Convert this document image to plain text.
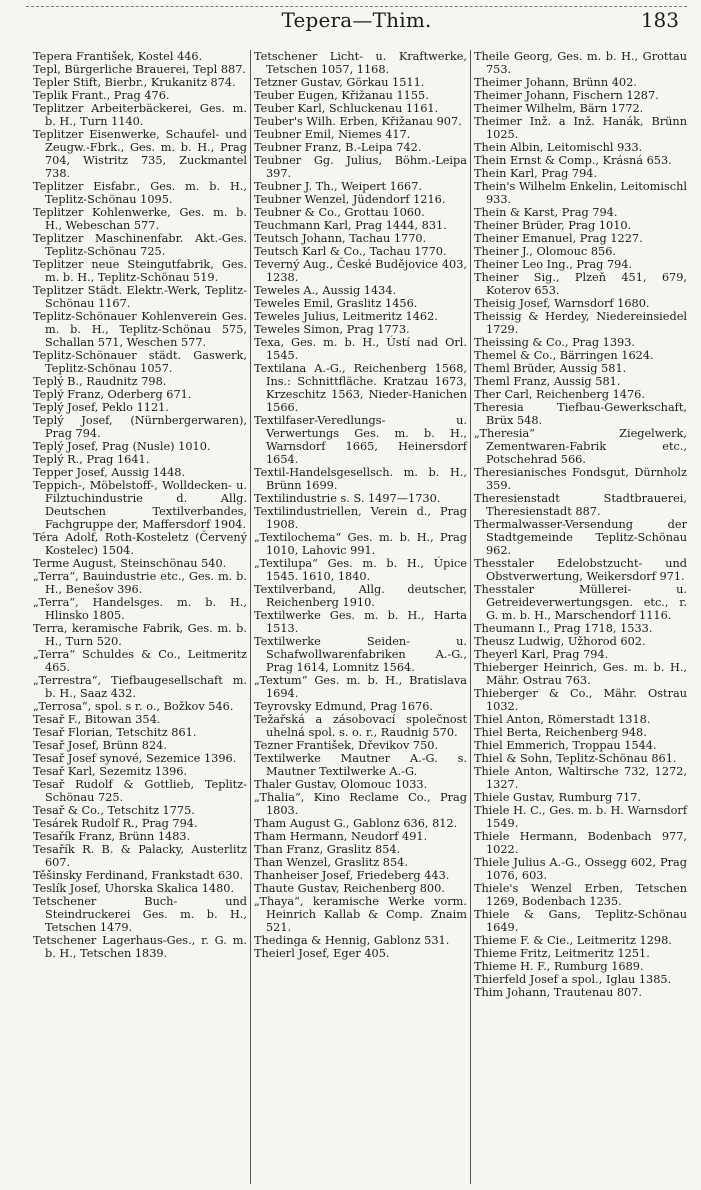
Tepera—Thim.	183

Tepera František, Kostel 446.

Tepl, Bürgerliche Brauerei, Tepl 887.

Tepler Stift, Bierbr., Krukanitz 874.

Teplik Frant., Prag 476.

Teplitzer Arbeiterbäckerei, Ges. m. b. H., Turn 1140.

Teplitzer Eisenwerke, Schaufel- und Zeugw.-Fbrk., Ges. m. b. H., Prag 704, Wistritz 735, Zuckmantel 738.

Teplitzer Eisfabr., Ges. m. b. H., Teplitz-Schönau 1095.

Teplitzer Kohlenwerke, Ges. m. b. H., Webeschan 577.

Teplitzer Maschinenfabr. Akt.-Ges. Teplitz-Schönau 725.

Teplitzer neue Steingutfabrik, Ges. m. b. H., Teplitz-Schönau 519.

Teplitzer Städt. Elektr.-Werk, Teplitz-Schönau 1167.

Teplitz-Schönauer Kohlenverein Ges. m. b. H., Teplitz-Schönau 575, Schallan 571, Weschen 577.

Teplitz-Schönauer städt. Gaswerk, Teplitz-Schönau 1057.

Teplý B., Raudnitz 798.

Teplý Franz, Oderberg 671.

Teplý Josef, Peklo 1121.

Teplý Josef, (Nürnbergerwaren), Prag 794.

Teplý Josef, Prag (Nusle) 1010.

Teplý R., Prag 1641.

Tepper Josef, Aussig 1448.

Teppich-, Möbelstoff-, Wolldecken- u. Filztuchindustrie d. Allg. Deutschen Textilverbandes, Fachgruppe der, Maffersdorf 1904.

Téra Adolf, Roth-Kosteletz (Červený Kostelec) 1504.

Terme August, Steinschönau 540.

„Terra“, Bauindustrie etc., Ges. m. b. H., Benešov 396.

„Terra“, Handelsges. m. b. H., Hlinsko 1805.

Terra, keramische Fabrik, Ges. m. b. H., Turn 520.

„Terra“ Schuldes & Co., Leitmeritz 465.

„Terrestra“, Tiefbaugesellschaft m. b. H., Saaz 432.

„Terrosa“, spol. s r. o., Božkov 546.

Tesař F., Bitowan 354.

Tesař Florian, Tetschitz 861.

Tesař Josef, Brünn 824.

Tesař Josef synové, Sezemice 1396.

Tesař Karl, Sezemitz 1396.

Tesař Rudolf & Gottlieb, Teplitz-Schönau 725.

Tesař & Co., Tetschitz 1775.

Tesárek Rudolf R., Prag 794.

Tesařík Franz, Brünn 1483.

Tesařík R. B. & Palacky, Austerlitz 607.

Těšinsky Ferdinand, Frankstadt 630.

Teslík Josef, Uhorska Skalica 1480.

Tetschener Buch- und Steindruckerei Ges. m. b. H., Tetschen 1479.

Tetschener Lagerhaus-Ges., r. G. m. b. H., Tetschen 1839.

Tetschener Licht- u. Kraftwerke, Tetschen 1057, 1168.

Tetzner Gustav, Görkau 1511.

Teuber Eugen, Křižanau 1155.

Teuber Karl, Schluckenau 1161.

Teuber's Wilh. Erben, Křižanau 907.

Teubner Emil, Niemes 417.

Teubner Franz, B.-Leipa 742.

Teubner Gg. Julius, Böhm.-Leipa 397.

Teubner J. Th., Weipert 1667.

Teubner Wenzel, Jüdendorf 1216.

Teubner & Co., Grottau 1060.

Teuchmann Karl, Prag 1444, 831.

Teutsch Johann, Tachau 1770.

Teutsch Karl & Co., Tachau 1770.

Teverný Aug., České Budějovice 403, 1238.

Teweles A., Aussig 1434.

Teweles Emil, Graslitz 1456.

Teweles Julius, Leitmeritz 1462.

Teweles Simon, Prag 1773.

Texa, Ges. m. b. H., Ústí nad Orl. 1545.

Textilana A.-G., Reichenberg 1568, Ins.: Schnittfläche. Kratzau 1673, Krzeschitz 1563, Nieder-Hanichen 1566.

Textilfaser-Veredlungs- u. Verwertungs Ges. m. b. H., Warnsdorf 1665, Heinersdorf 1654.

Textil-Handelsgesellsch. m. b. H., Brünn 1699.

Textilindustrie s. S. 1497—1730.

Textilindustriellen, Verein d., Prag 1908.

„Textilochema“ Ges. m. b. H., Prag 1010, Lahovic 991.

„Textilupa“ Ges. m. b. H., Úpice 1545. 1610, 1840.

Textilverband, Allg. deutscher, Reichenberg 1910.

Textilwerke Ges. m. b. H., Harta 1513.

Textilwerke Seiden- u. Schafwollwarenfabriken A.-G., Prag 1614, Lomnitz 1564.

„Textum“ Ges. m. b. H., Bratislava 1694.

Teyrovsky Edmund, Prag 1676.

Težařská a zásobovací společnost uhelná spol. s. o. r., Raudnig 570.

Tezner František, Dřevikov 750.

Textilwerke Mautner A.-G. s. Mautner Textilwerke A.-G.

Thaler Gustav, Olomouc 1033.

„Thalia“, Kino Reclame Co., Prag 1803.

Tham August G., Gablonz 636, 812.

Tham Hermann, Neudorf 491.

Than Franz, Graslitz 854.

Than Wenzel, Graslitz 854.

Thanheiser Josef, Friedeberg 443.

Thaute Gustav, Reichenberg 800.

„Thaya“, keramische Werke vorm. Heinrich Kallab & Comp. Znaim 521.

Thedinga & Hennig, Gablonz 531.

Theierl Josef, Eger 405.

Theile Georg, Ges. m. b. H., Grottau 753.

Theimer Johann, Brünn 402.

Theimer Johann, Fischern 1287.

Theimer Wilhelm, Bärn 1772.

Theimer Inž. a Inž. Hanák, Brünn 1025.

Thein Albin, Leitomischl 933.

Thein Ernst & Comp., Krásná 653.

Thein Karl, Prag 794.

Thein's Wilhelm Enkelin, Leitomischl 933.

Thein & Karst, Prag 794.

Theiner Brüder, Prag 1010.

Theiner Emanuel, Prag 1227.

Theiner J., Olomouc 856.

Theiner Leo Ing., Prag 794.

Theiner Sig., Plzeň 451, 679, Koterov 653.

Theisig Josef, Warnsdorf 1680.

Theissig & Herdey, Niedereinsiedel 1729.

Theissing & Co., Prag 1393.

Themel & Co., Bärringen 1624.

Theml Brüder, Aussig 581.

Theml Franz, Aussig 581.

Ther Carl, Reichenberg 1476.

Theresia Tiefbau-Gewerkschaft, Brüx 548.

„Theresia“ Ziegelwerk, Zementwaren-Fabrik etc., Potschehrad 566.

Theresianisches Fondsgut, Dürnholz 359.

Theresienstadt Stadtbrauerei, Theresienstadt 887.

Thermalwasser-Versendung der Stadtgemeinde Teplitz-Schönau 962.

Thesstaler Edelobstzucht- und Obstverwertung, Weikersdorf 971.

Thesstaler Müllerei- u. Getreideverwertungsgen. etc., r. G. m. b. H., Marschendorf 1116.

Theumann I., Prag 1718, 1533.

Theusz Ludwig, Užhorod 602.

Theyerl Karl, Prag 794.

Thieberger Heinrich, Ges. m. b. H., Mähr. Ostrau 763.

Thieberger & Co., Mähr. Ostrau 1032.

Thiel Anton, Römerstadt 1318.

Thiel Berta, Reichenberg 948.

Thiel Emmerich, Troppau 1544.

Thiel & Sohn, Teplitz-Schönau 861.

Thiele Anton, Waltirsche 732, 1272, 1327.

Thiele Gustav, Rumburg 717.

Thiele H. C., Ges. m. b. H. Warnsdorf 1549.

Thiele Hermann, Bodenbach 977, 1022.

Thiele Julius A.-G., Ossegg 602, Prag 1076, 603.

Thiele's Wenzel Erben, Tetschen 1269, Bodenbach 1235.

Thiele & Gans, Teplitz-Schönau 1649.

Thieme F. & Cie., Leitmeritz 1298.

Thieme Fritz, Leitmeritz 1251.

Thieme H. F., Rumburg 1689.

Thierfeld Josef a spol., Iglau 1385.

Thim Johann, Trautenau 807.
